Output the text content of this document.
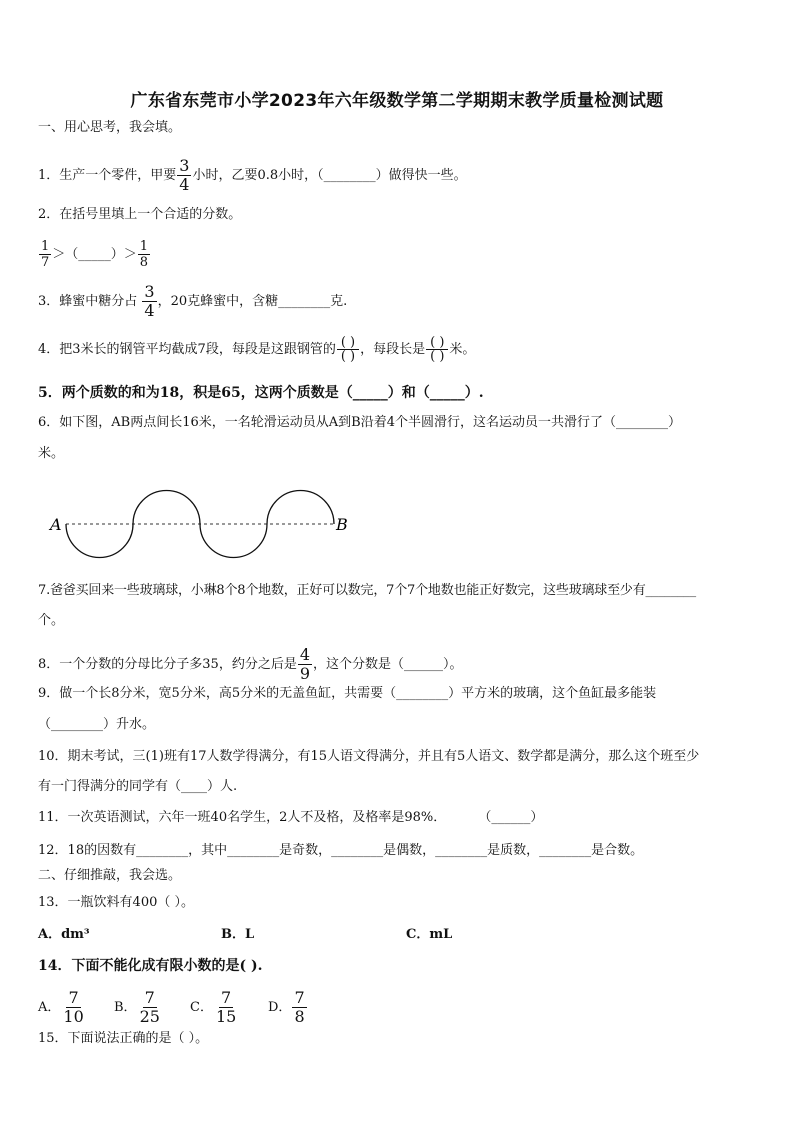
广东省东莞市小学2023年六年级数学第二学期期末教学质量检测试题
一、用心思考，我会填。
1．生产一个零件，甲要 $\frac{3}{4}$ 小时，乙要0.8小时，（________）做得快一些。
2．在括号里填上一个合适的分数。
$\frac{1}{7}$ ＞（_____）＞ $\frac{1}{8}$
3．蜂蜜中糖分占 $\frac{3}{4}$ ，20克蜂蜜中，含糖________克.
4．把3米长的钢管平均截成7段，每段是这跟钢管的 $\frac{( )}{( )}$ ，每段长是 $\frac{( )}{( )}$ 米。
5．两个质数的和为18，积是65，这两个质数是（_____）和（_____）.
6．如下图，AB两点间长16米，一名轮滑运动员从A到B沿着4个半圆滑行，这名运动员一共滑行了（________）
米。
A	B
7.爸爸买回来一些玻璃球，小琳8个8个地数，正好可以数完，7个7个地数也能正好数完，这些玻璃球至少有________
个。
8．一个分数的分母比分子多35，约分之后是 $\frac{4}{9}$ ，这个分数是（______）。
9．做一个长8分米，宽5分米，高5分米的无盖鱼缸，共需要（________）平方米的玻璃，这个鱼缸最多能装
（________）升水。
10．期末考试，三(1)班有17人数学得满分，有15人语文得满分，并且有5人语文、数学都是满分，那么这个班至少
有一门得满分的同学有（____）人.
11．一次英语测试，六年一班40名学生，2人不及格，及格率是98%． （______）
12．18的因数有________，其中________是奇数，________是偶数，________是质数，________是合数。
二、仔细推敲，我会选。
13．一瓶饮料有400（ ）。
A．dm³	B．L	C．mL
14．下面不能化成有限小数的是( ).
A． $\frac{7}{10}$ B． $\frac{7}{25}$ C． $\frac{7}{15}$ D． $\frac{7}{8}$
15．下面说法正确的是（ ）。
